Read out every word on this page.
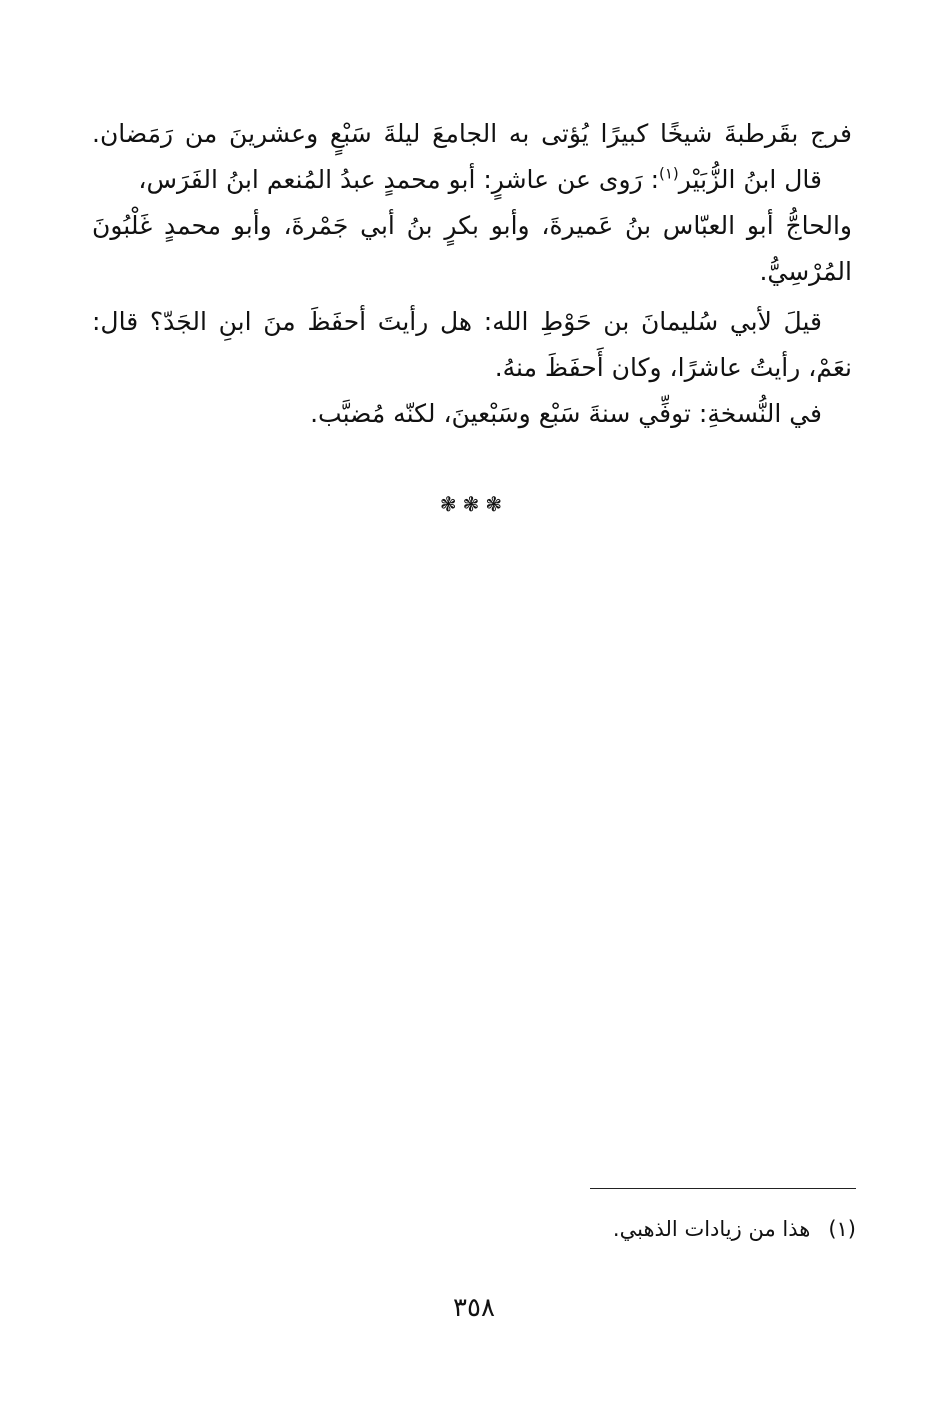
فرج بقَرطبةَ شيخًا كبيرًا يُؤتى به الجامعَ ليلةَ سَبْعٍ وعشرينَ من رَمَضان.
قال ابنُ الزُّبَيْر$^{(١)}$: رَوى عن عاشرٍ: أبو محمدٍ عبدُ المُنعم ابنُ الفَرَس،
والحاجُّ أبو العبّاس بنُ عَميرةَ، وأبو بكرٍ بنُ أبي جَمْرةَ، وأبو محمدٍ غَلْبُونَ
المُرْسِيُّ.
قيلَ لأبي سُليمانَ بن حَوْطِ الله: هل رأيتَ أحفَظَ منَ ابنِ الجَدّ؟ قال:
نعَمْ، رأيتُ عاشرًا، وكان أَحفَظَ منهُ.
في النُّسخةِ: توفِّي سنةَ سَبْع وسَبْعينَ، لكنّه مُضبَّب.
❃❃❃
(١)هذا من زيادات الذهبي.
٣٥٨
